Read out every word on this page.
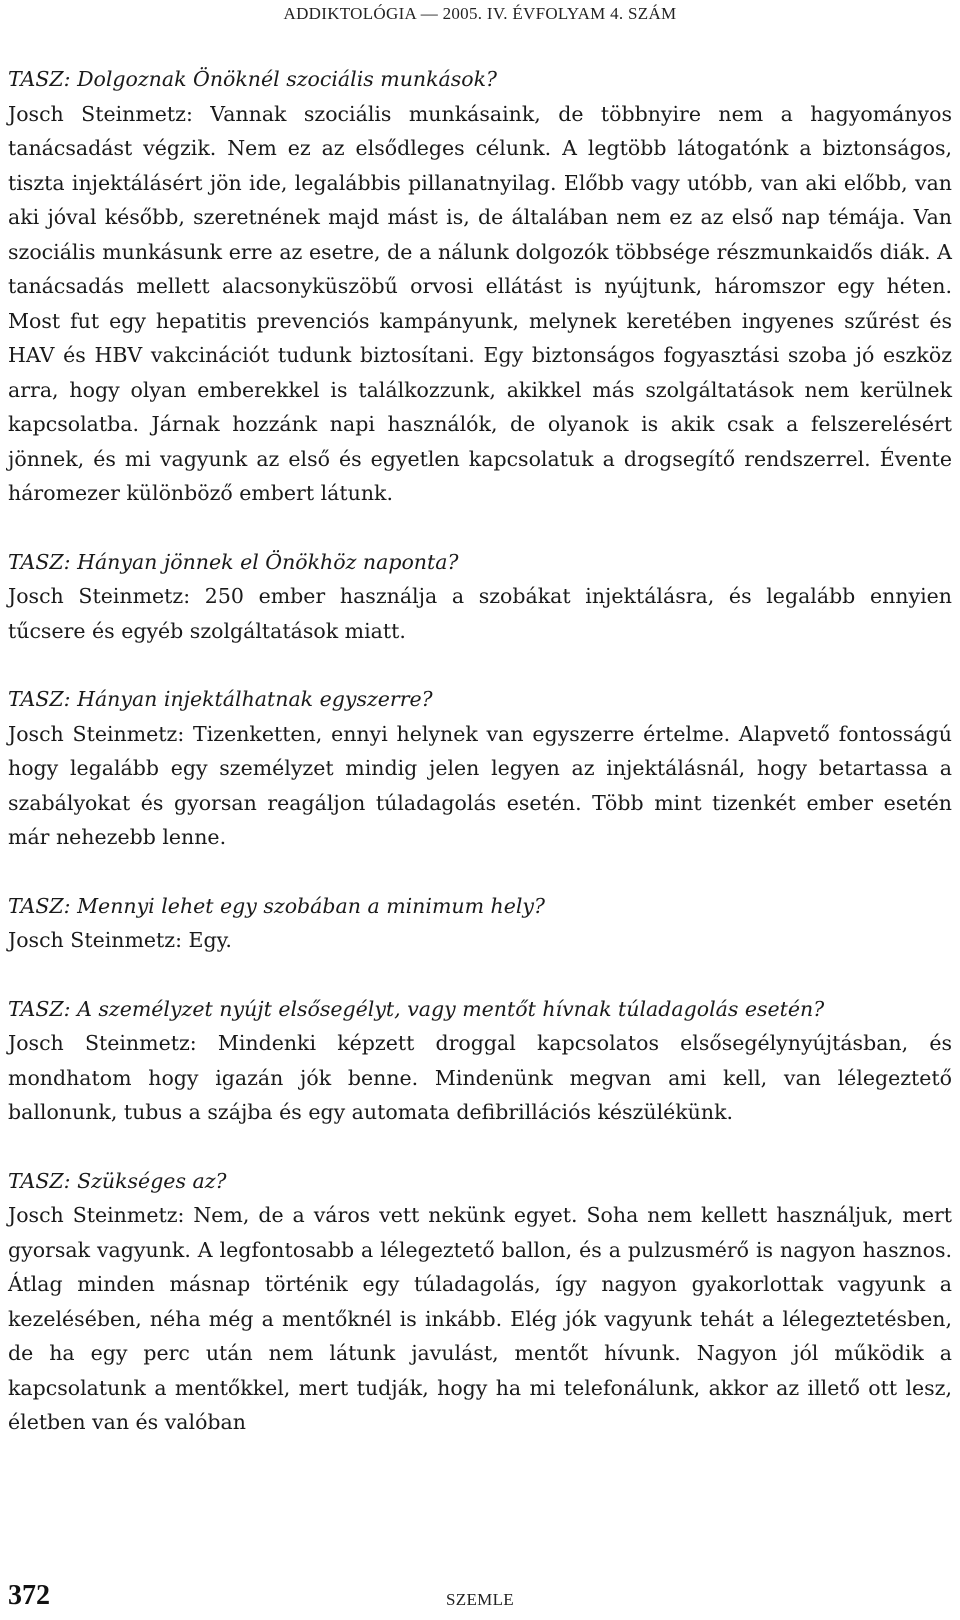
ADDIKTOLÓGIA — 2005. IV. ÉVFOLYAM 4. SZÁM

TASZ: Dolgoznak Önöknél szociális munkások?

Josch Steinmetz: Vannak szociális munkásaink, de többnyire nem a hagyományos tanácsadást végzik. Nem ez az elsődleges célunk. A legtöbb látogatónk a biztonságos, tiszta injektálásért jön ide, legalábbis pillanatnyilag. Előbb vagy utóbb, van aki előbb, van aki jóval később, szeretnének majd mást is, de általában nem ez az első nap témája. Van szociális munkásunk erre az esetre, de a nálunk dolgozók többsége részmunkaidős diák. A tanácsadás mellett alacsonyküszöbű orvosi ellátást is nyújtunk, háromszor egy héten. Most fut egy hepatitis prevenciós kampányunk, melynek keretében ingyenes szűrést és HAV és HBV vakcinációt tudunk biztosítani. Egy biztonságos fogyasztási szoba jó eszköz arra, hogy olyan emberekkel is találkozzunk, akikkel más szolgáltatások nem kerülnek kapcsolatba. Járnak hozzánk napi használók, de olyanok is akik csak a felszerelésért jönnek, és mi vagyunk az első és egyetlen kapcsolatuk a drogsegítő rendszerrel. Évente háromezer különböző embert látunk.

TASZ: Hányan jönnek el Önökhöz naponta?

Josch Steinmetz: 250 ember használja a szobákat injektálásra, és legalább ennyien tűcsere és egyéb szolgáltatások miatt.

TASZ: Hányan injektálhatnak egyszerre?

Josch Steinmetz: Tizenketten, ennyi helynek van egyszerre értelme. Alapvető fontosságú hogy legalább egy személyzet mindig jelen legyen az injektálásnál, hogy betartassa a szabályokat és gyorsan reagáljon túladagolás esetén. Több mint tizenkét ember esetén már nehezebb lenne.

TASZ: Mennyi lehet egy szobában a minimum hely?

Josch Steinmetz: Egy.

TASZ: A személyzet nyújt elsősegélyt, vagy mentőt hívnak túladagolás esetén?

Josch Steinmetz: Mindenki képzett droggal kapcsolatos elsősegélynyújtásban, és mondhatom hogy igazán jók benne. Mindenünk megvan ami kell, van lélegeztető ballonunk, tubus a szájba és egy automata defibrillációs készülékünk.

TASZ: Szükséges az?

Josch Steinmetz: Nem, de a város vett nekünk egyet. Soha nem kellett használjuk, mert gyorsak vagyunk. A legfontosabb a lélegeztető ballon, és a pulzusmérő is nagyon hasznos. Átlag minden másnap történik egy túladagolás, így nagyon gyakorlottak vagyunk a kezelésében, néha még a mentőknél is inkább. Elég jók vagyunk tehát a lélegeztetésben, de ha egy perc után nem látunk javulást, mentőt hívunk. Nagyon jól működik a kapcsolatunk a mentőkkel, mert tudják, hogy ha mi telefonálunk, akkor az illető ott lesz, életben van és valóban

372	SZEMLE
